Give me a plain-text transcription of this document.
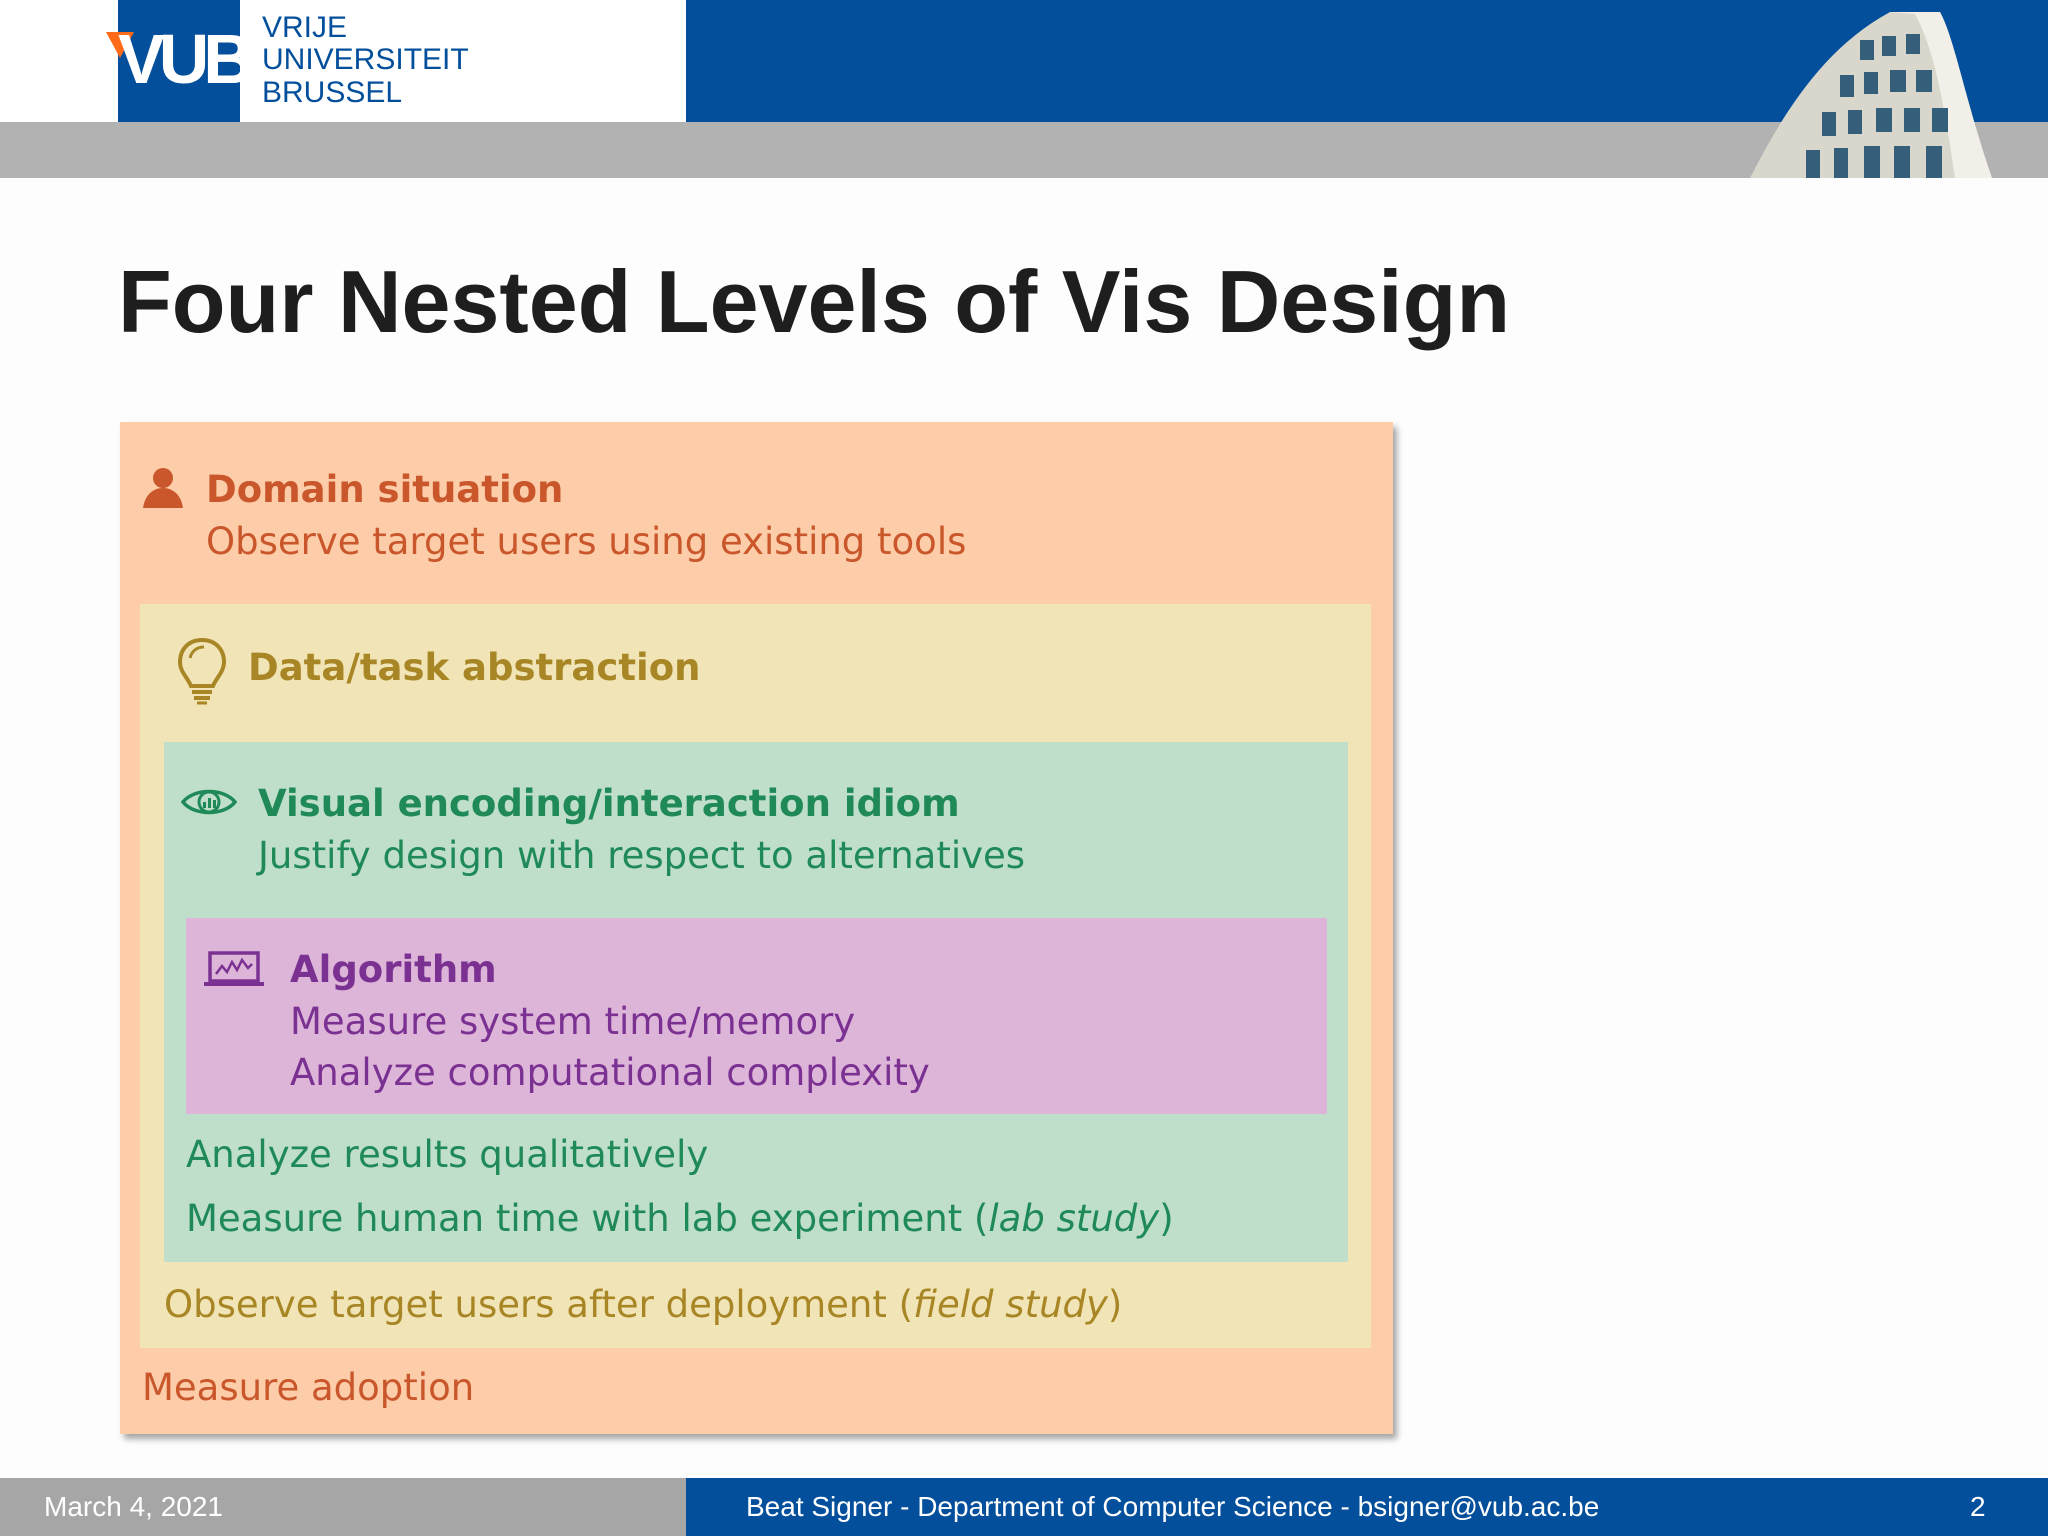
VUB VRIJE
UNIVERSITEIT
BRUSSEL
Four Nested Levels of Vis Design
Domain situation
Observe target users using existing tools
Data/task abstraction
Visual encoding/interaction idiom
Justify design with respect to alternatives
Algorithm
Measure system time/memory
Analyze computational complexity
Analyze results qualitatively
Measure human time with lab experiment (lab study)
Observe target users after deployment (field study)
Measure adoption
March 4, 2021	Beat Signer - Department of Computer Science - bsigner@vub.ac.be	2
